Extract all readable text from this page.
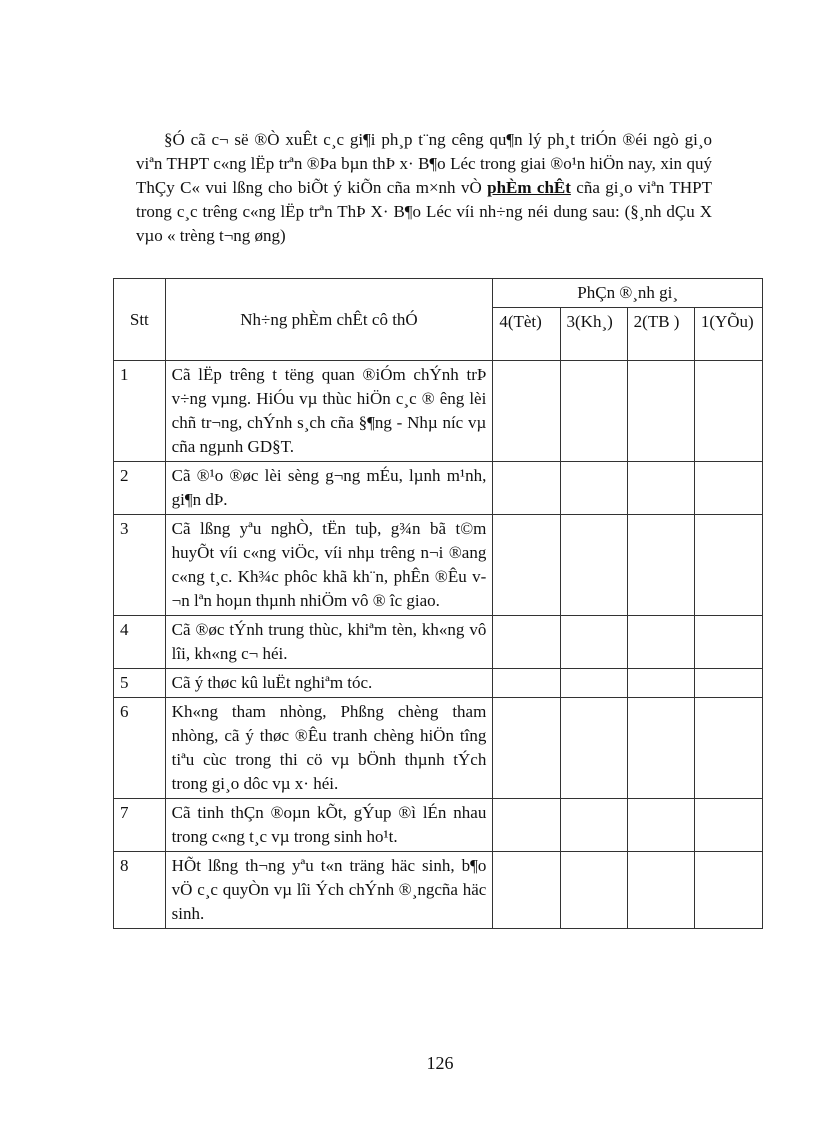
§Ó cã c¬ së ®Ò xuÊt c¸c gi¶i ph¸p t¨ng cêng qu¶n lý ph¸t triÓn ®éi ngò gi¸o viªn THPT c«ng lËp trªn ®Þa bµn thÞ x· B¶o Léc trong giai ®o¹n hiÖn nay, xin quý ThÇy C« vui lßng cho biÕt ý kiÕn cña m×nh vÒ phÈm chÊt cña gi¸o viªn THPT trong c¸c trêng c«ng lËp trªn ThÞ X· B¶o Léc víi nh÷ng néi dung sau: (§¸nh dÇu X vµo « trèng t¬ng øng)

Stt	Nh÷ng phÈm chÊt cô thÓ	PhÇn ®¸nh gi¸			
		4(Tèt)	3(Kh¸)	2(TB )	1(YÕu)
1	Cã lËp trêng t tëng quan ®iÓm chÝnh trÞ v÷ng vµng. HiÓu vµ thùc hiÖn c¸c ® êng lèi chñ tr¬ng, chÝnh s¸ch cña §¶ng - Nhµ níc vµ cña ngµnh GD§T.				
2	Cã ®¹o ®øc lèi sèng g¬ng mÉu, lµnh m¹nh, gi¶n dÞ.				
3	Cã lßng yªu nghÒ, tËn tuþ, g¾n bã t©m huyÕt víi c«ng viÖc, víi nhµ trêng n¬i ®ang c«ng t¸c. Kh¾c phôc khã kh¨n, phÊn ®Êu v¬n lªn hoµn thµnh nhiÖm vô ® îc giao.				
4	Cã ®øc tÝnh trung thùc, khiªm tèn, kh«ng vô lîi, kh«ng c¬ héi.				
5	Cã ý thøc kû luËt nghiªm tóc.				
6	Kh«ng tham nhòng, Phßng chèng tham nhòng, cã ý thøc ®Êu tranh chèng hiÖn tîng tiªu cùc trong thi cö vµ bÖnh thµnh tÝch trong gi¸o dôc vµ x· héi.				
7	Cã tinh thÇn ®oµn kÕt, gÝup ®ì lÉn nhau trong c«ng t¸c vµ trong sinh ho¹t.				
8	HÕt lßng th¬ng yªu t«n träng häc sinh, b¶o vÖ c¸c quyÒn vµ lîi Ých chÝnh ®¸ngcña häc sinh.				
126
